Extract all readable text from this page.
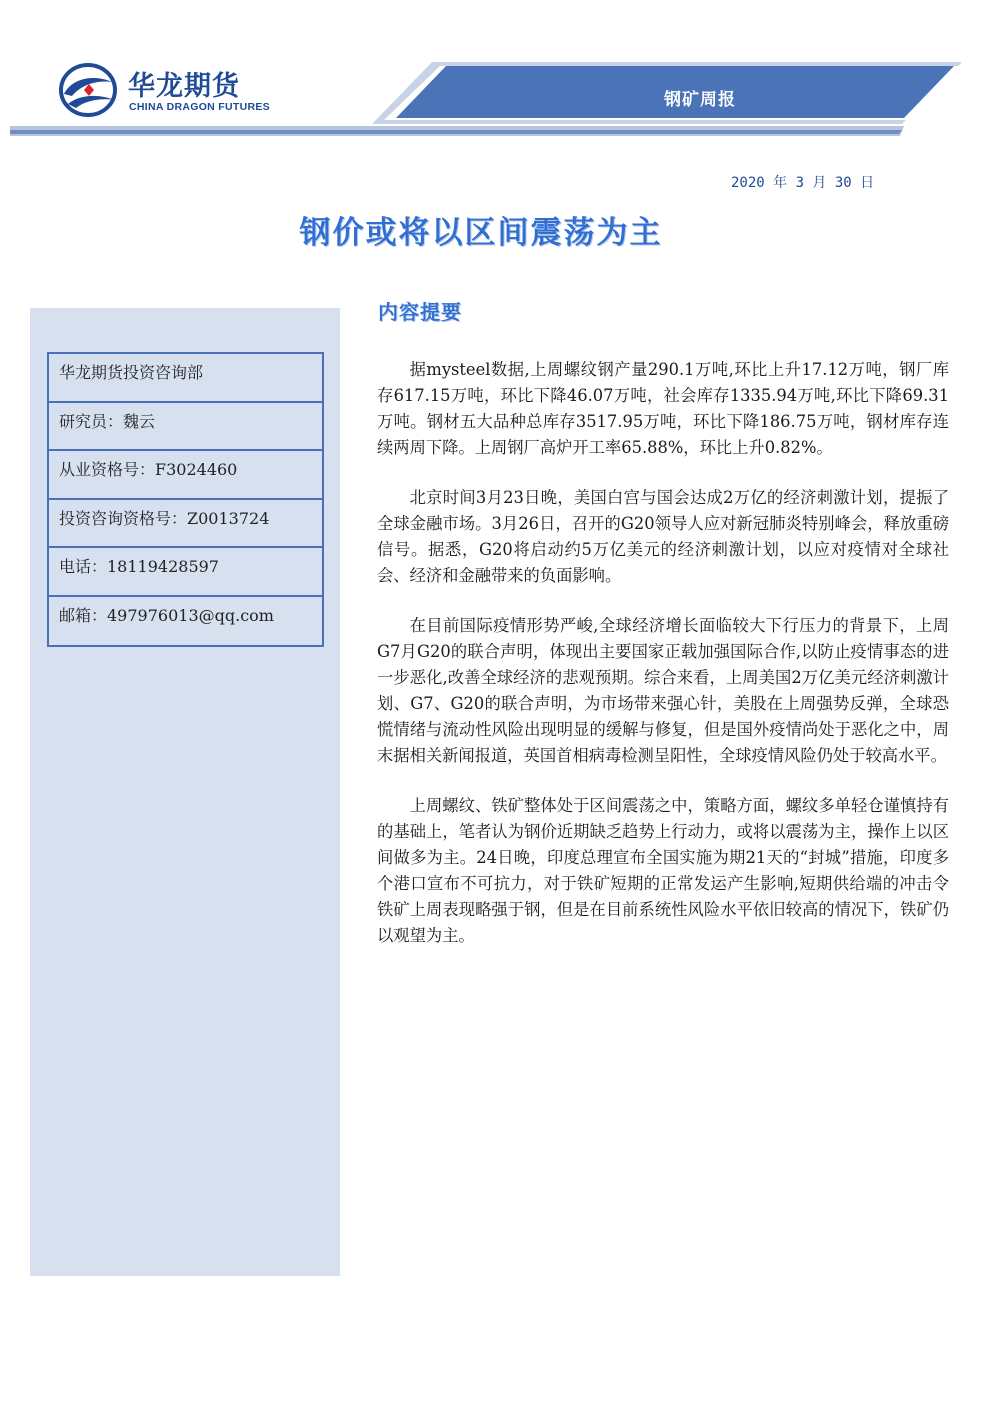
华龙期货
CHINA DRAGON FUTURES	钢矿周报
2020 年 3 月 30 日
钢价或将以区间震荡为主
华龙期货投资咨询部
研究员：魏云
从业资格号：F3024460
投资咨询资格号：Z0013724
电话：18119428597
邮箱：497976013@qq.com
内容提要

据mysteel数据,上周螺纹钢产量290.1万吨,环比上升17.12万吨，钢厂库存617.15万吨，环比下降46.07万吨，社会库存1335.94万吨,环比下降69.31万吨。钢材五大品种总库存3517.95万吨，环比下降186.75万吨，钢材库存连续两周下降。上周钢厂高炉开工率65.88%，环比上升0.82%。

北京时间3月23日晚，美国白宫与国会达成2万亿的经济刺激计划，提振了全球金融市场。3月26日，召开的G20领导人应对新冠肺炎特别峰会，释放重磅信号。据悉，G20将启动约5万亿美元的经济刺激计划，以应对疫情对全球社会、经济和金融带来的负面影响。

在目前国际疫情形势严峻,全球经济增长面临较大下行压力的背景下，上周G7月G20的联合声明，体现出主要国家正载加强国际合作,以防止疫情事态的进一步恶化,改善全球经济的悲观预期。综合来看，上周美国2万亿美元经济刺激计划、G7、G20的联合声明，为市场带来强心针，美股在上周强势反弹，全球恐慌情绪与流动性风险出现明显的缓解与修复，但是国外疫情尚处于恶化之中，周末据相关新闻报道，英国首相病毒检测呈阳性，全球疫情风险仍处于较高水平。

上周螺纹、铁矿整体处于区间震荡之中，策略方面，螺纹多单轻仓谨慎持有的基础上，笔者认为钢价近期缺乏趋势上行动力，或将以震荡为主，操作上以区间做多为主。24日晚，印度总理宣布全国实施为期21天的“封城”措施，印度多个港口宣布不可抗力，对于铁矿短期的正常发运产生影响,短期供给端的冲击令铁矿上周表现略强于钢，但是在目前系统性风险水平依旧较高的情况下，铁矿仍以观望为主。
